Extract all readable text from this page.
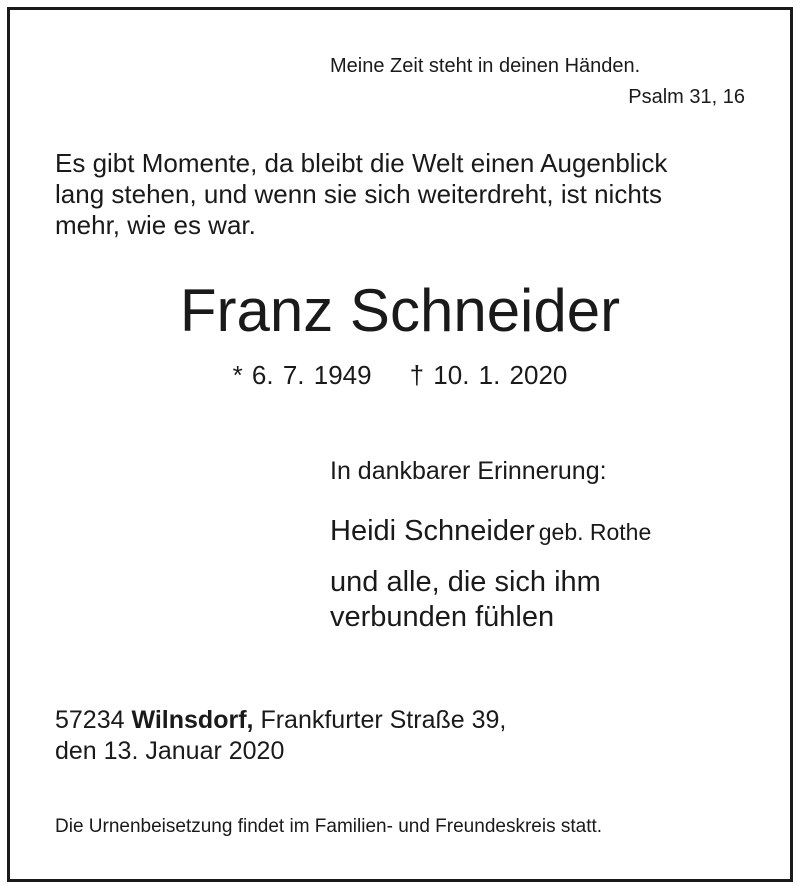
Meine Zeit steht in deinen Händen.
Psalm 31, 16

Es gibt Momente, da bleibt die Welt einen Augenblick

lang stehen, und wenn sie sich weiterdreht, ist nichts

mehr, wie es war.

Franz Schneider
* 6. 7. 1949 † 10. 1. 2020
In dankbarer Erinnerung:
Heidi Schneider geb. Rothe
und alle, die sich ihm
verbunden fühlen
57234 Wilnsdorf, Frankfurter Straße 39,
den 13. Januar 2020
Die Urnenbeisetzung findet im Familien- und Freundeskreis statt.
